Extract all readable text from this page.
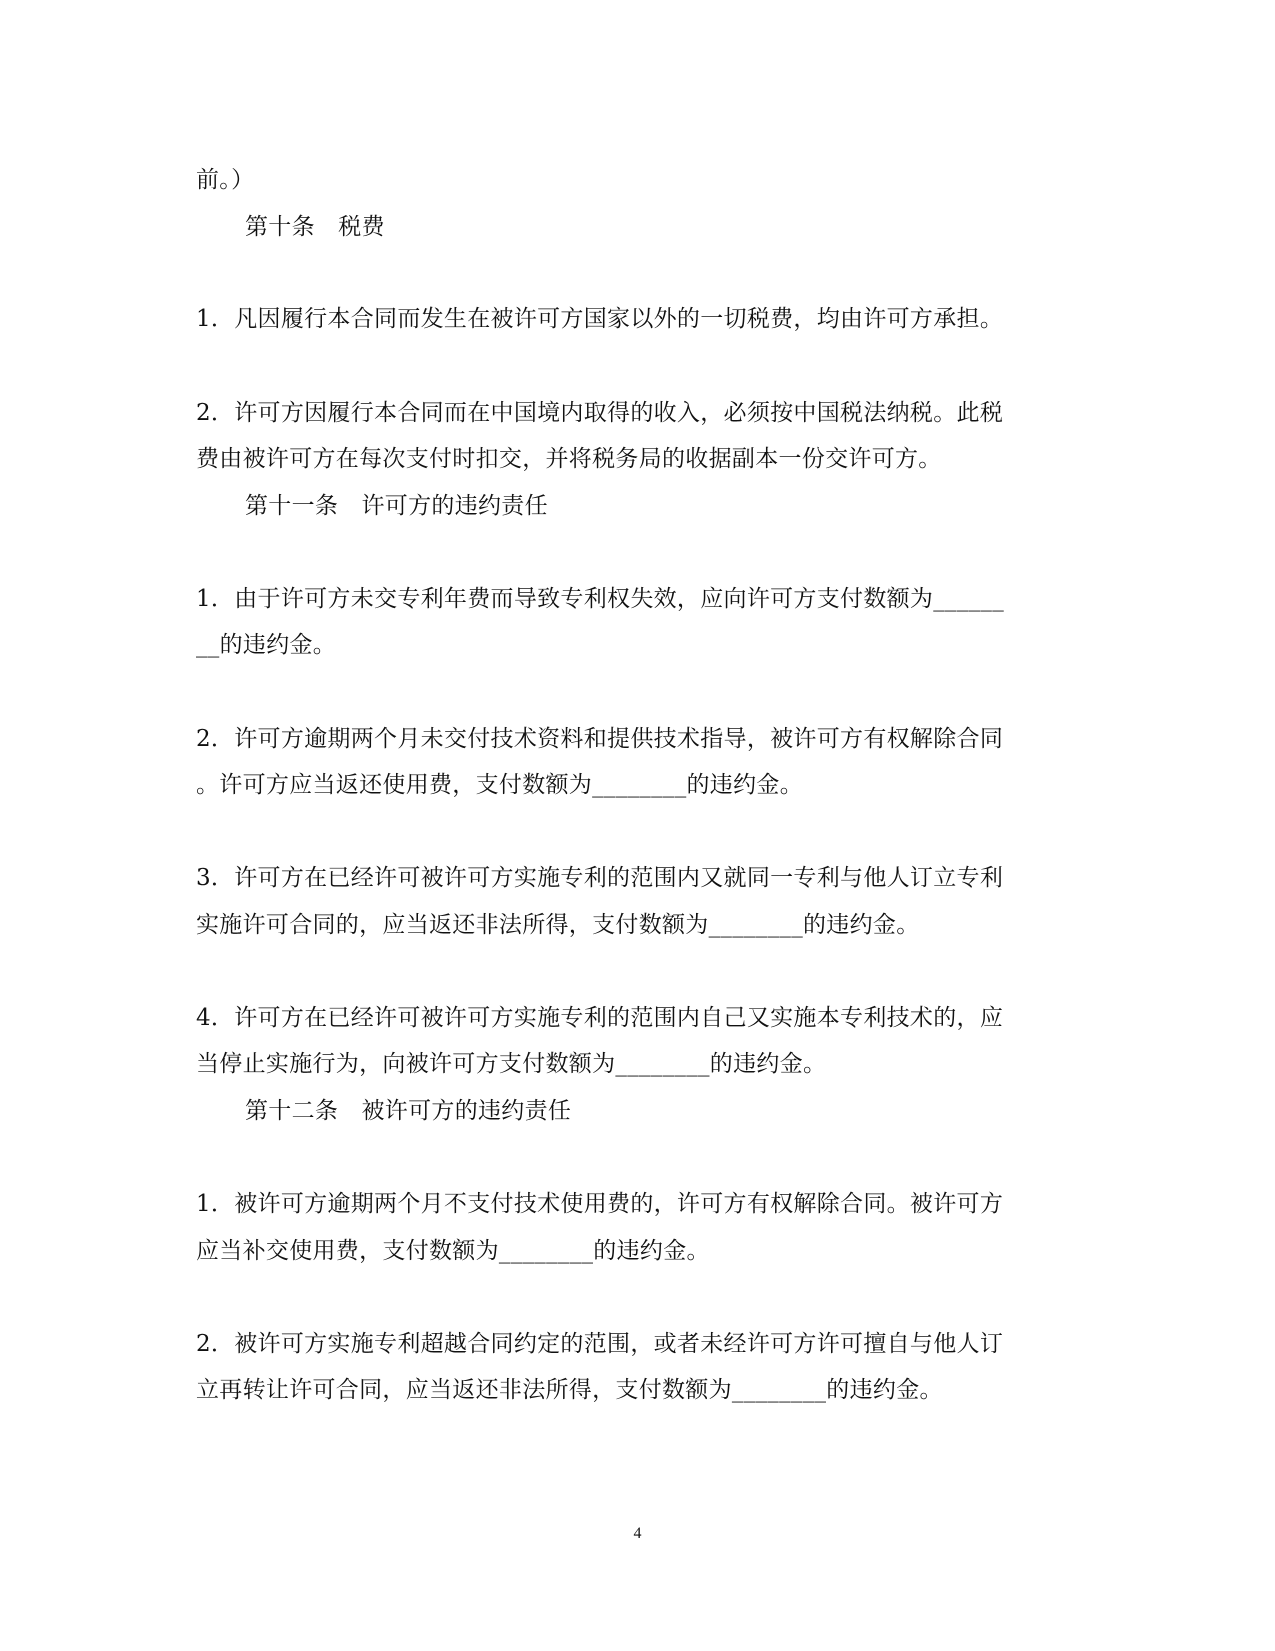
前。）
第十条　税费
1．凡因履行本合同而发生在被许可方国家以外的一切税费，均由许可方承担。
2．许可方因履行本合同而在中国境内取得的收入，必须按中国税法纳税。此税
费由被许可方在每次支付时扣交，并将税务局的收据副本一份交许可方。
第十一条　许可方的违约责任
1．由于许可方未交专利年费而导致专利权失效，应向许可方支付数额为______
__的违约金。
2．许可方逾期两个月未交付技术资料和提供技术指导，被许可方有权解除合同
。许可方应当返还使用费，支付数额为________的违约金。
3．许可方在已经许可被许可方实施专利的范围内又就同一专利与他人订立专利
实施许可合同的，应当返还非法所得，支付数额为________的违约金。
4．许可方在已经许可被许可方实施专利的范围内自己又实施本专利技术的，应
当停止实施行为，向被许可方支付数额为________的违约金。
第十二条　被许可方的违约责任
1．被许可方逾期两个月不支付技术使用费的，许可方有权解除合同。被许可方
应当补交使用费，支付数额为________的违约金。
2．被许可方实施专利超越合同约定的范围，或者未经许可方许可擅自与他人订
立再转让许可合同，应当返还非法所得，支付数额为________的违约金。
4
